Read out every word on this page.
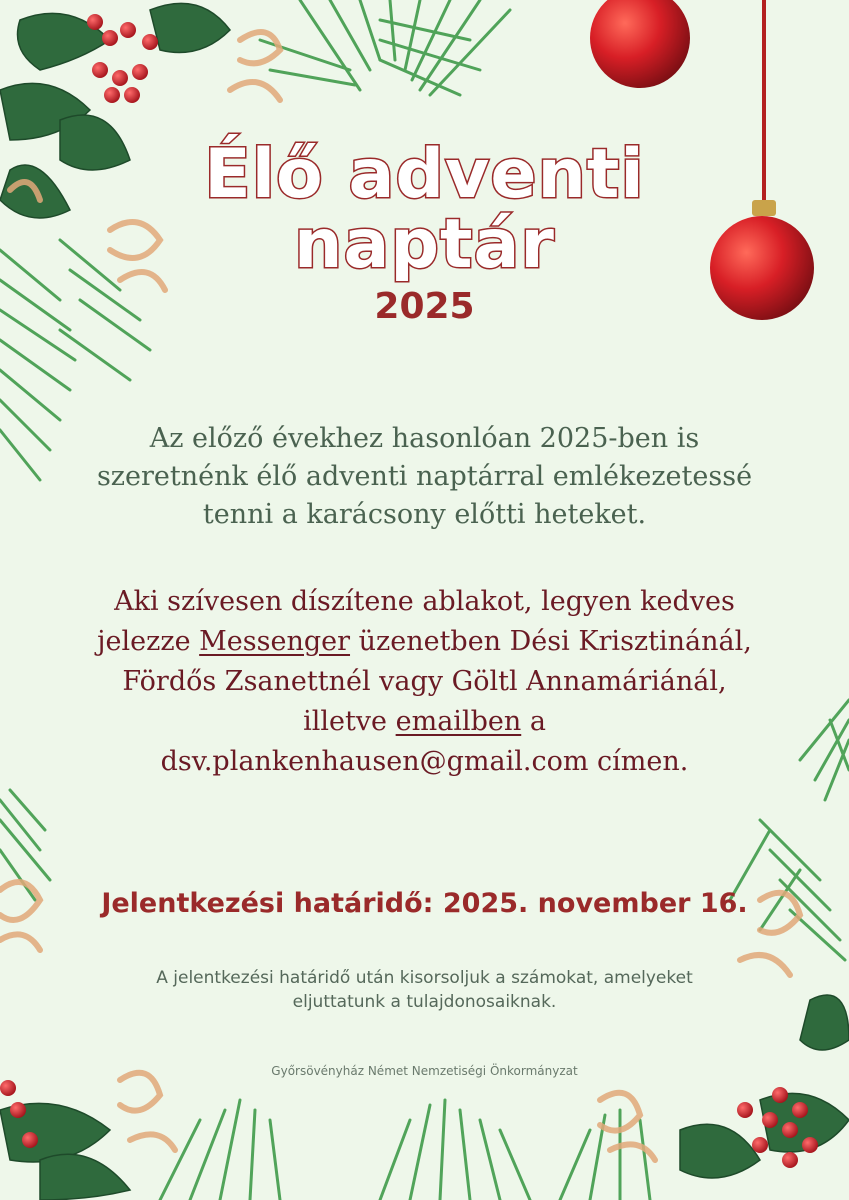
Élő adventi
naptár
2025

Az előző évekhez hasonlóan 2025-ben is

szeretnénk élő adventi naptárral emlékezetessé

tenni a karácsony előtti heteket.

Aki szívesen díszítene ablakot, legyen kedves

jelezze Messenger üzenetben Dési Krisztinánál,

Fördős Zsanettnél vagy Göltl Annamáriánál,

illetve emailben a

dsv.plankenhausen@gmail.com címen.

Jelentkezési határidő: 2025. november 16.

A jelentkezési határidő után kisorsoljuk a számokat, amelyeket

eljuttatunk a tulajdonosaiknak.

Győrsövényház Német Nemzetiségi Önkormányzat
